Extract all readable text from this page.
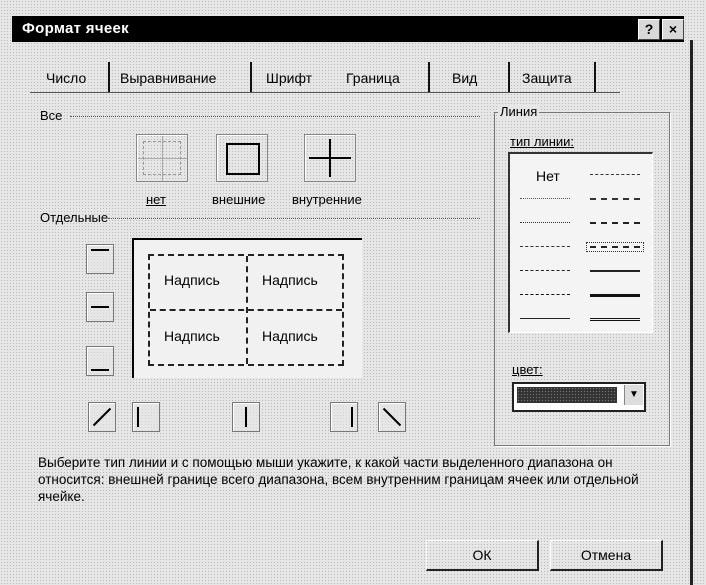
Формат ячеек	?	×
Число Выравнивание	Шрифт Граница	Вид	Защита
Все
нет	внешние внутренние
Отдельные
Надпись	Надпись
Надпись	Надпись
Линия
тип линии:
Нет
цвет:
▼
Выберите тип линии и с помощью мыши укажите, к какой части выделенного диапазона он относится: внешней границе всего диапазона, всем внутренним границам ячеек или отдельной ячейке.
ОК	Отмена
